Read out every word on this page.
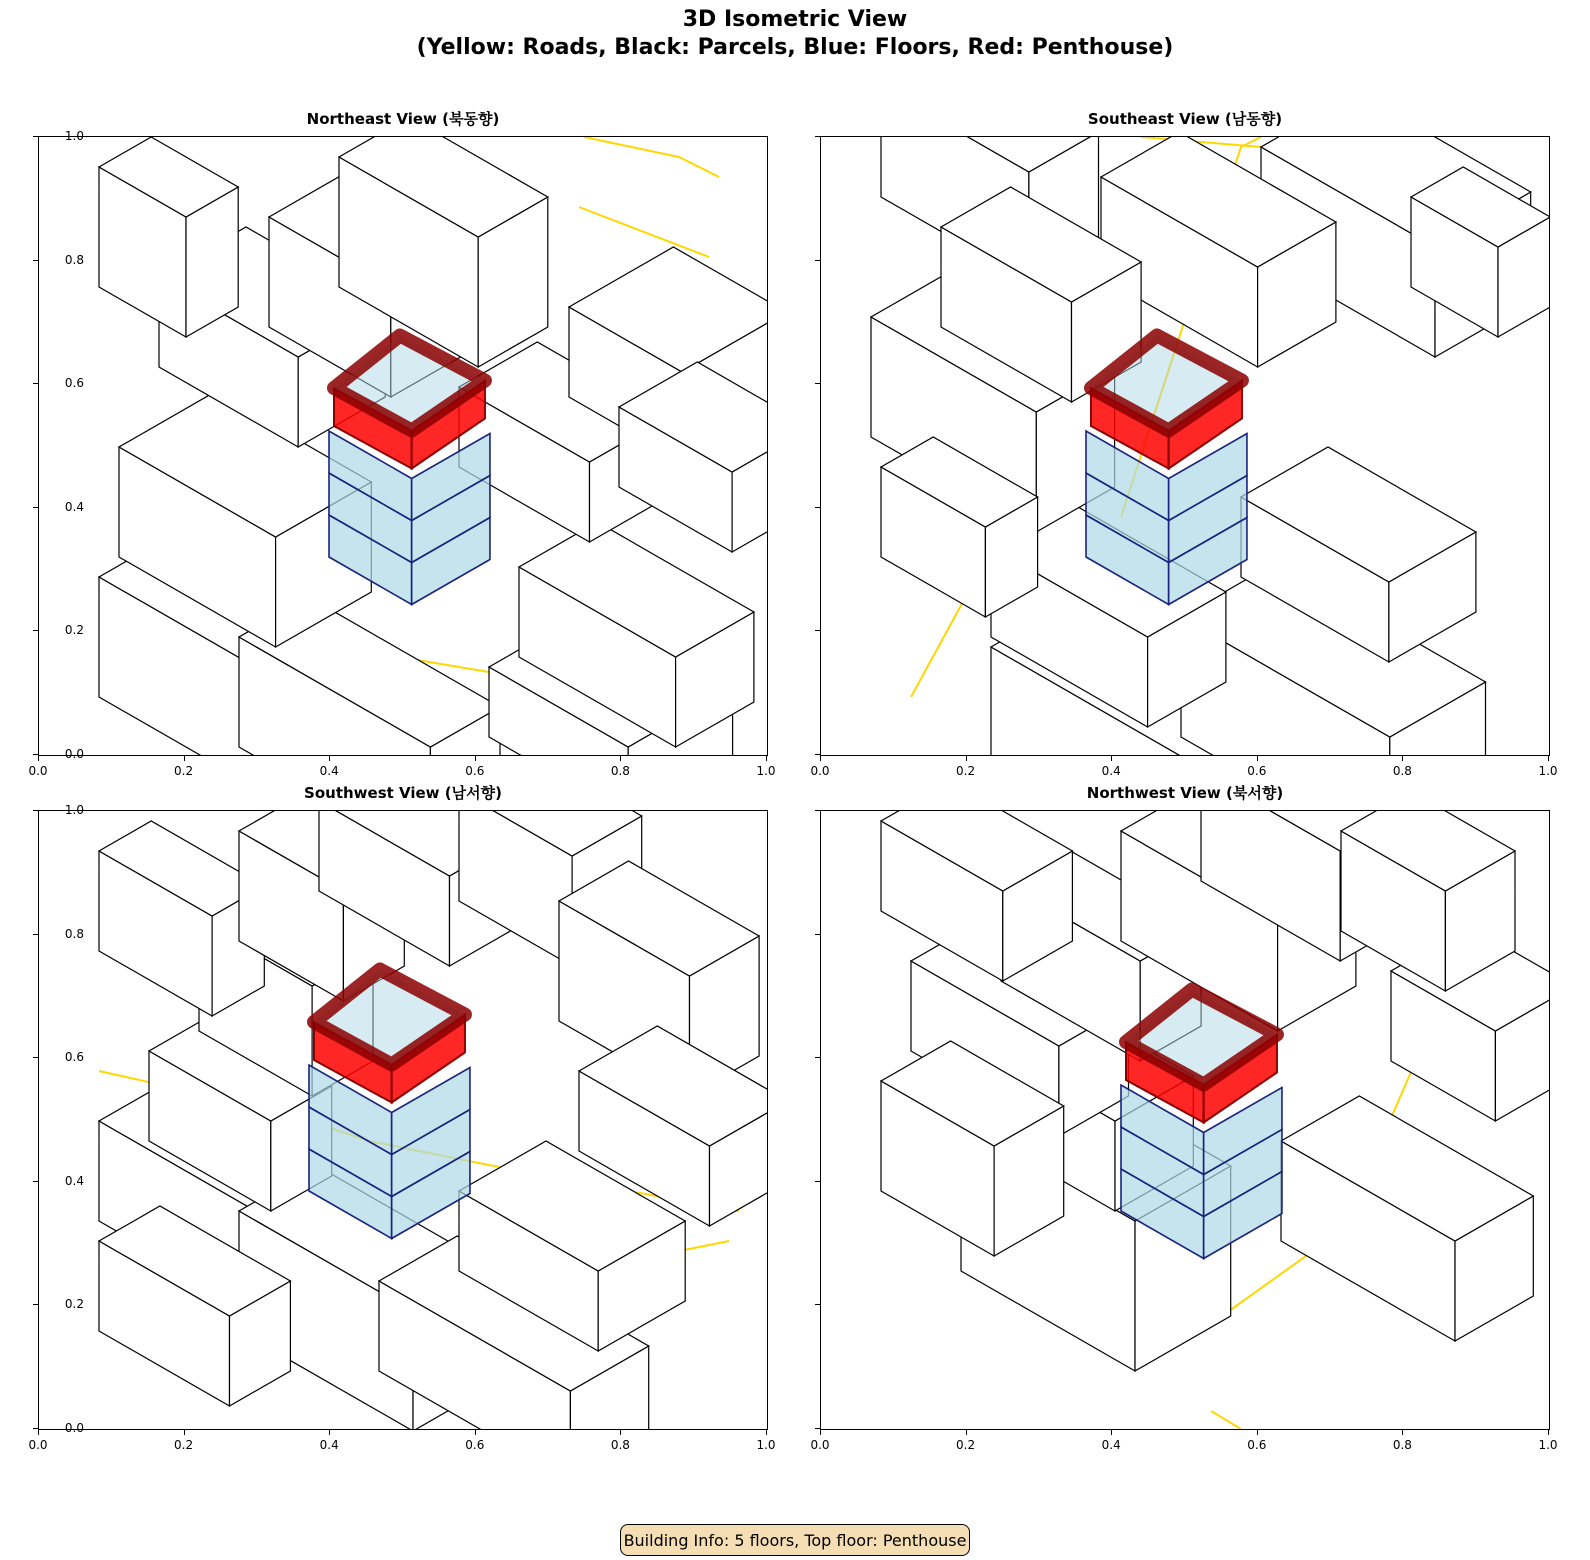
3D Isometric View
(Yellow: Roads, Black: Parcels, Blue: Floors, Red: Penthouse)
Northeast View (북동향)
0.0	0.2	0.4	0.6	0.8	1.0
Southeast View (남동향)
0.0
0.0
0.2
0.2
0.4
0.4
0.6
0.6
0.8
0.8
1.0
1.0
Southwest View (남서향)
0.0	0.2	0.4	0.6	0.8	1.0
Northwest View (북서향)
0.0
0.0
0.2
0.2
0.4
0.4
0.6
0.6
0.8
0.8
1.0
1.0
Building Info: 5 floors, Top floor: Penthouse
